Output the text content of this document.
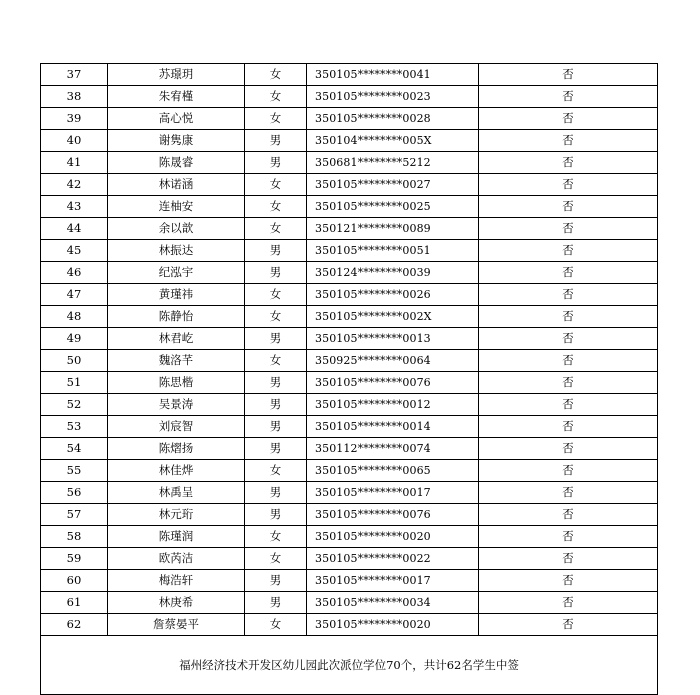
37	苏璟玥	女	350105********0041	否
38	朱宥槿	女	350105********0023	否
39	高心悦	女	350105********0028	否
40	谢隽康	男	350104********005X	否
41	陈晟睿	男	350681********5212	否
42	林诺涵	女	350105********0027	否
43	连柚安	女	350105********0025	否
44	余以歆	女	350121********0089	否
45	林振达	男	350105********0051	否
46	纪泓宇	男	350124********0039	否
47	黄瑾祎	女	350105********0026	否
48	陈静怡	女	350105********002X	否
49	林君屹	男	350105********0013	否
50	魏洛芊	女	350925********0064	否
51	陈思楷	男	350105********0076	否
52	吴景涛	男	350105********0012	否
53	刘宸智	男	350105********0014	否
54	陈熠扬	男	350112********0074	否
55	林佳烨	女	350105********0065	否
56	林禹呈	男	350105********0017	否
57	林元珩	男	350105********0076	否
58	陈瑾润	女	350105********0020	否
59	欧芮洁	女	350105********0022	否
60	梅浩轩	男	350105********0017	否
61	林庚希	男	350105********0034	否
62	詹蔡晏平	女	350105********0020	否
福州经济技术开发区幼儿园此次派位学位70个，共计62名学生中签				
